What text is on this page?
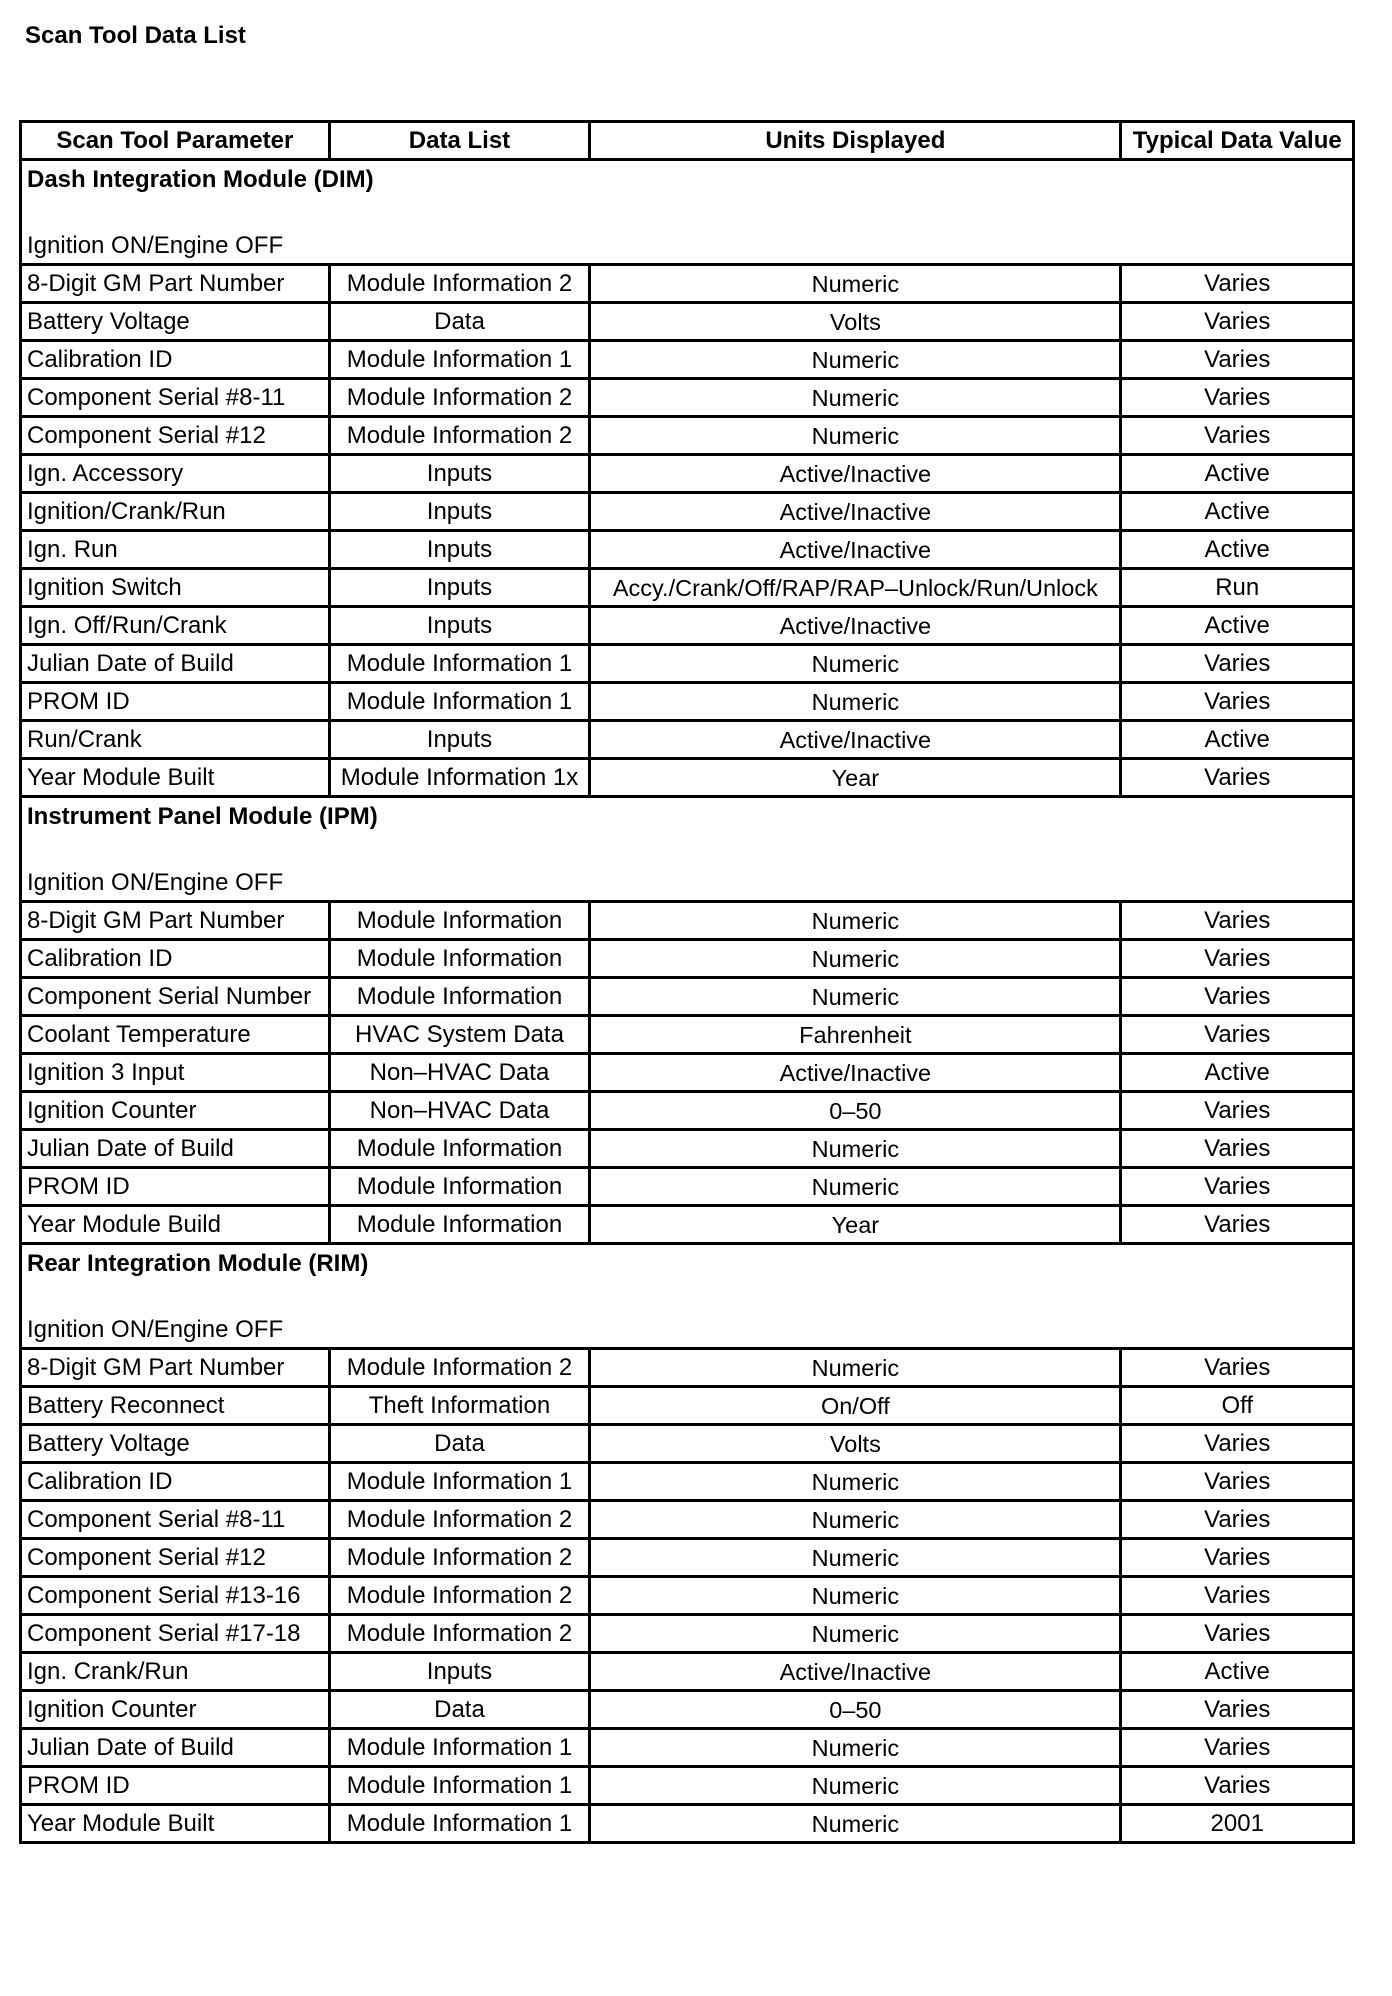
Scan Tool Data List
Scan Tool Parameter	Data List	Units Displayed	Typical Data Value

Dash Integration Module (DIM)
Ignition ON/Engine OFF			

8-Digit GM Part Number	Module Information 2	Numeric	Varies
Battery Voltage	Data	Volts	Varies
Calibration ID	Module Information 1	Numeric	Varies
Component Serial #8-11	Module Information 2	Numeric	Varies
Component Serial #12	Module Information 2	Numeric	Varies
Ign. Accessory	Inputs	Active/Inactive	Active
Ignition/Crank/Run	Inputs	Active/Inactive	Active
Ign. Run	Inputs	Active/Inactive	Active
Ignition Switch	Inputs	Accy./Crank/Off/RAP/RAP–Unlock/Run/Unlock	Run
Ign. Off/Run/Crank	Inputs	Active/Inactive	Active
Julian Date of Build	Module Information 1	Numeric	Varies
PROM ID	Module Information 1	Numeric	Varies
Run/Crank	Inputs	Active/Inactive	Active
Year Module Built	Module Information 1x	Year	Varies

Instrument Panel Module (IPM)
Ignition ON/Engine OFF			

8-Digit GM Part Number	Module Information	Numeric	Varies
Calibration ID	Module Information	Numeric	Varies
Component Serial Number	Module Information	Numeric	Varies
Coolant Temperature	HVAC System Data	Fahrenheit	Varies
Ignition 3 Input	Non–HVAC Data	Active/Inactive	Active
Ignition Counter	Non–HVAC Data	0–50	Varies
Julian Date of Build	Module Information	Numeric	Varies
PROM ID	Module Information	Numeric	Varies
Year Module Build	Module Information	Year	Varies

Rear Integration Module (RIM)
Ignition ON/Engine OFF			

8-Digit GM Part Number	Module Information 2	Numeric	Varies
Battery Reconnect	Theft Information	On/Off	Off
Battery Voltage	Data	Volts	Varies
Calibration ID	Module Information 1	Numeric	Varies
Component Serial #8-11	Module Information 2	Numeric	Varies
Component Serial #12	Module Information 2	Numeric	Varies
Component Serial #13-16	Module Information 2	Numeric	Varies
Component Serial #17-18	Module Information 2	Numeric	Varies
Ign. Crank/Run	Inputs	Active/Inactive	Active
Ignition Counter	Data	0–50	Varies
Julian Date of Build	Module Information 1	Numeric	Varies
PROM ID	Module Information 1	Numeric	Varies
Year Module Built	Module Information 1	Numeric	2001
